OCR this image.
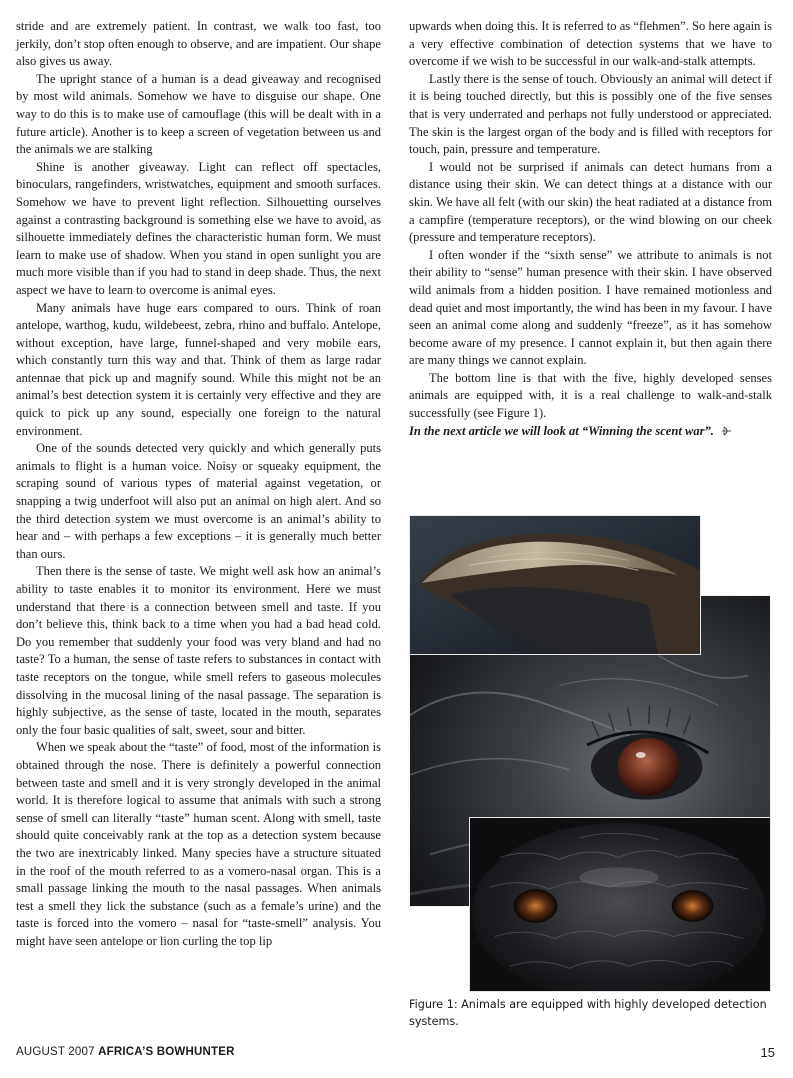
stride and are extremely patient. In contrast, we walk too fast, too jerkily, don’t stop often enough to observe, and are impatient. Our shape also gives us away.

The upright stance of a human is a dead giveaway and recognised by most wild animals. Somehow we have to disguise our shape. One way to do this is to make use of camouflage (this will be dealt with in a future article). Another is to keep a screen of vegetation between us and the animals we are stalking

Shine is another giveaway. Light can reflect off spectacles, binoculars, rangefinders, wristwatches, equipment and smooth surfaces. Somehow we have to prevent light reflection. Silhouetting ourselves against a contrasting background is something else we have to avoid, as silhouette immediately defines the characteristic human form. We must learn to make use of shadow. When you stand in open sunlight you are much more visible than if you had to stand in deep shade. Thus, the next aspect we have to learn to overcome is animal eyes.

Many animals have huge ears compared to ours. Think of roan antelope, warthog, kudu, wildebeest, zebra, rhino and buffalo. Antelope, without exception, have large, funnel-shaped and very mobile ears, which constantly turn this way and that. Think of them as large radar antennae that pick up and magnify sound. While this might not be an animal’s best detection system it is certainly very effective and they are quick to pick up any sound, especially one foreign to the natural environment.

One of the sounds detected very quickly and which generally puts animals to flight is a human voice. Noisy or squeaky equipment, the scraping sound of various types of material against vegetation, or snapping a twig underfoot will also put an animal on high alert. And so the third detection system we must overcome is an animal’s ability to hear and – with perhaps a few exceptions – it is generally much better than ours.

Then there is the sense of taste. We might well ask how an animal’s ability to taste enables it to monitor its environment. Here we must understand that there is a connection between smell and taste. If you don’t believe this, think back to a time when you had a bad head cold. Do you remember that suddenly your food was very bland and had no taste? To a human, the sense of taste refers to substances in contact with taste receptors on the tongue, while smell refers to gaseous molecules dissolving in the mucosal lining of the nasal passage. The separation is highly subjective, as the sense of taste, located in the mouth, separates only the four basic qualities of salt, sweet, sour and bitter.

When we speak about the “taste” of food, most of the information is obtained through the nose. There is definitely a powerful connection between taste and smell and it is very strongly developed in the animal world. It is therefore logical to assume that animals with such a strong sense of smell can literally “taste” human scent. Along with smell, taste should quite conceivably rank at the top as a detection system because the two are inextricably linked. Many species have a structure situated in the roof of the mouth referred to as a vomero-nasal organ. This is a small passage linking the mouth to the nasal passages. When animals test a smell they lick the substance (such as a female’s urine) and the taste is forced into the vomero – nasal for “taste-smell” analysis. You might have seen antelope or lion curling the top lip

upwards when doing this. It is referred to as “flehmen”. So here again is a very effective combination of detection systems that we have to overcome if we wish to be successful in our walk-and-stalk attempts.

Lastly there is the sense of touch. Obviously an animal will detect if it is being touched directly, but this is possibly one of the five senses that is very underrated and perhaps not fully understood or appreciated. The skin is the largest organ of the body and is filled with receptors for touch, pain, pressure and temperature.

I would not be surprised if animals can detect humans from a distance using their skin. We can detect things at a distance with our skin. We have all felt (with our skin) the heat radiated at a distance from a campfire (temperature receptors), or the wind blowing on our cheek (pressure and temperature receptors).

I often wonder if the “sixth sense” we attribute to animals is not their ability to “sense” human presence with their skin. I have observed wild animals from a hidden position. I have remained motionless and dead quiet and most importantly, the wind has been in my favour. I have seen an animal come along and suddenly “freeze”, as it has somehow become aware of my presence. I cannot explain it, but then again there are many things we cannot explain.

The bottom line is that with the five, highly developed senses animals are equipped with, it is a real challenge to walk-and-stalk successfully (see Figure 1).

In the next article we will look at “Winning the scent war”.

Figure 1: Animals are equipped with highly developed detection systems.
AUGUST 2007 AFRICA’S BOWHUNTER	15
